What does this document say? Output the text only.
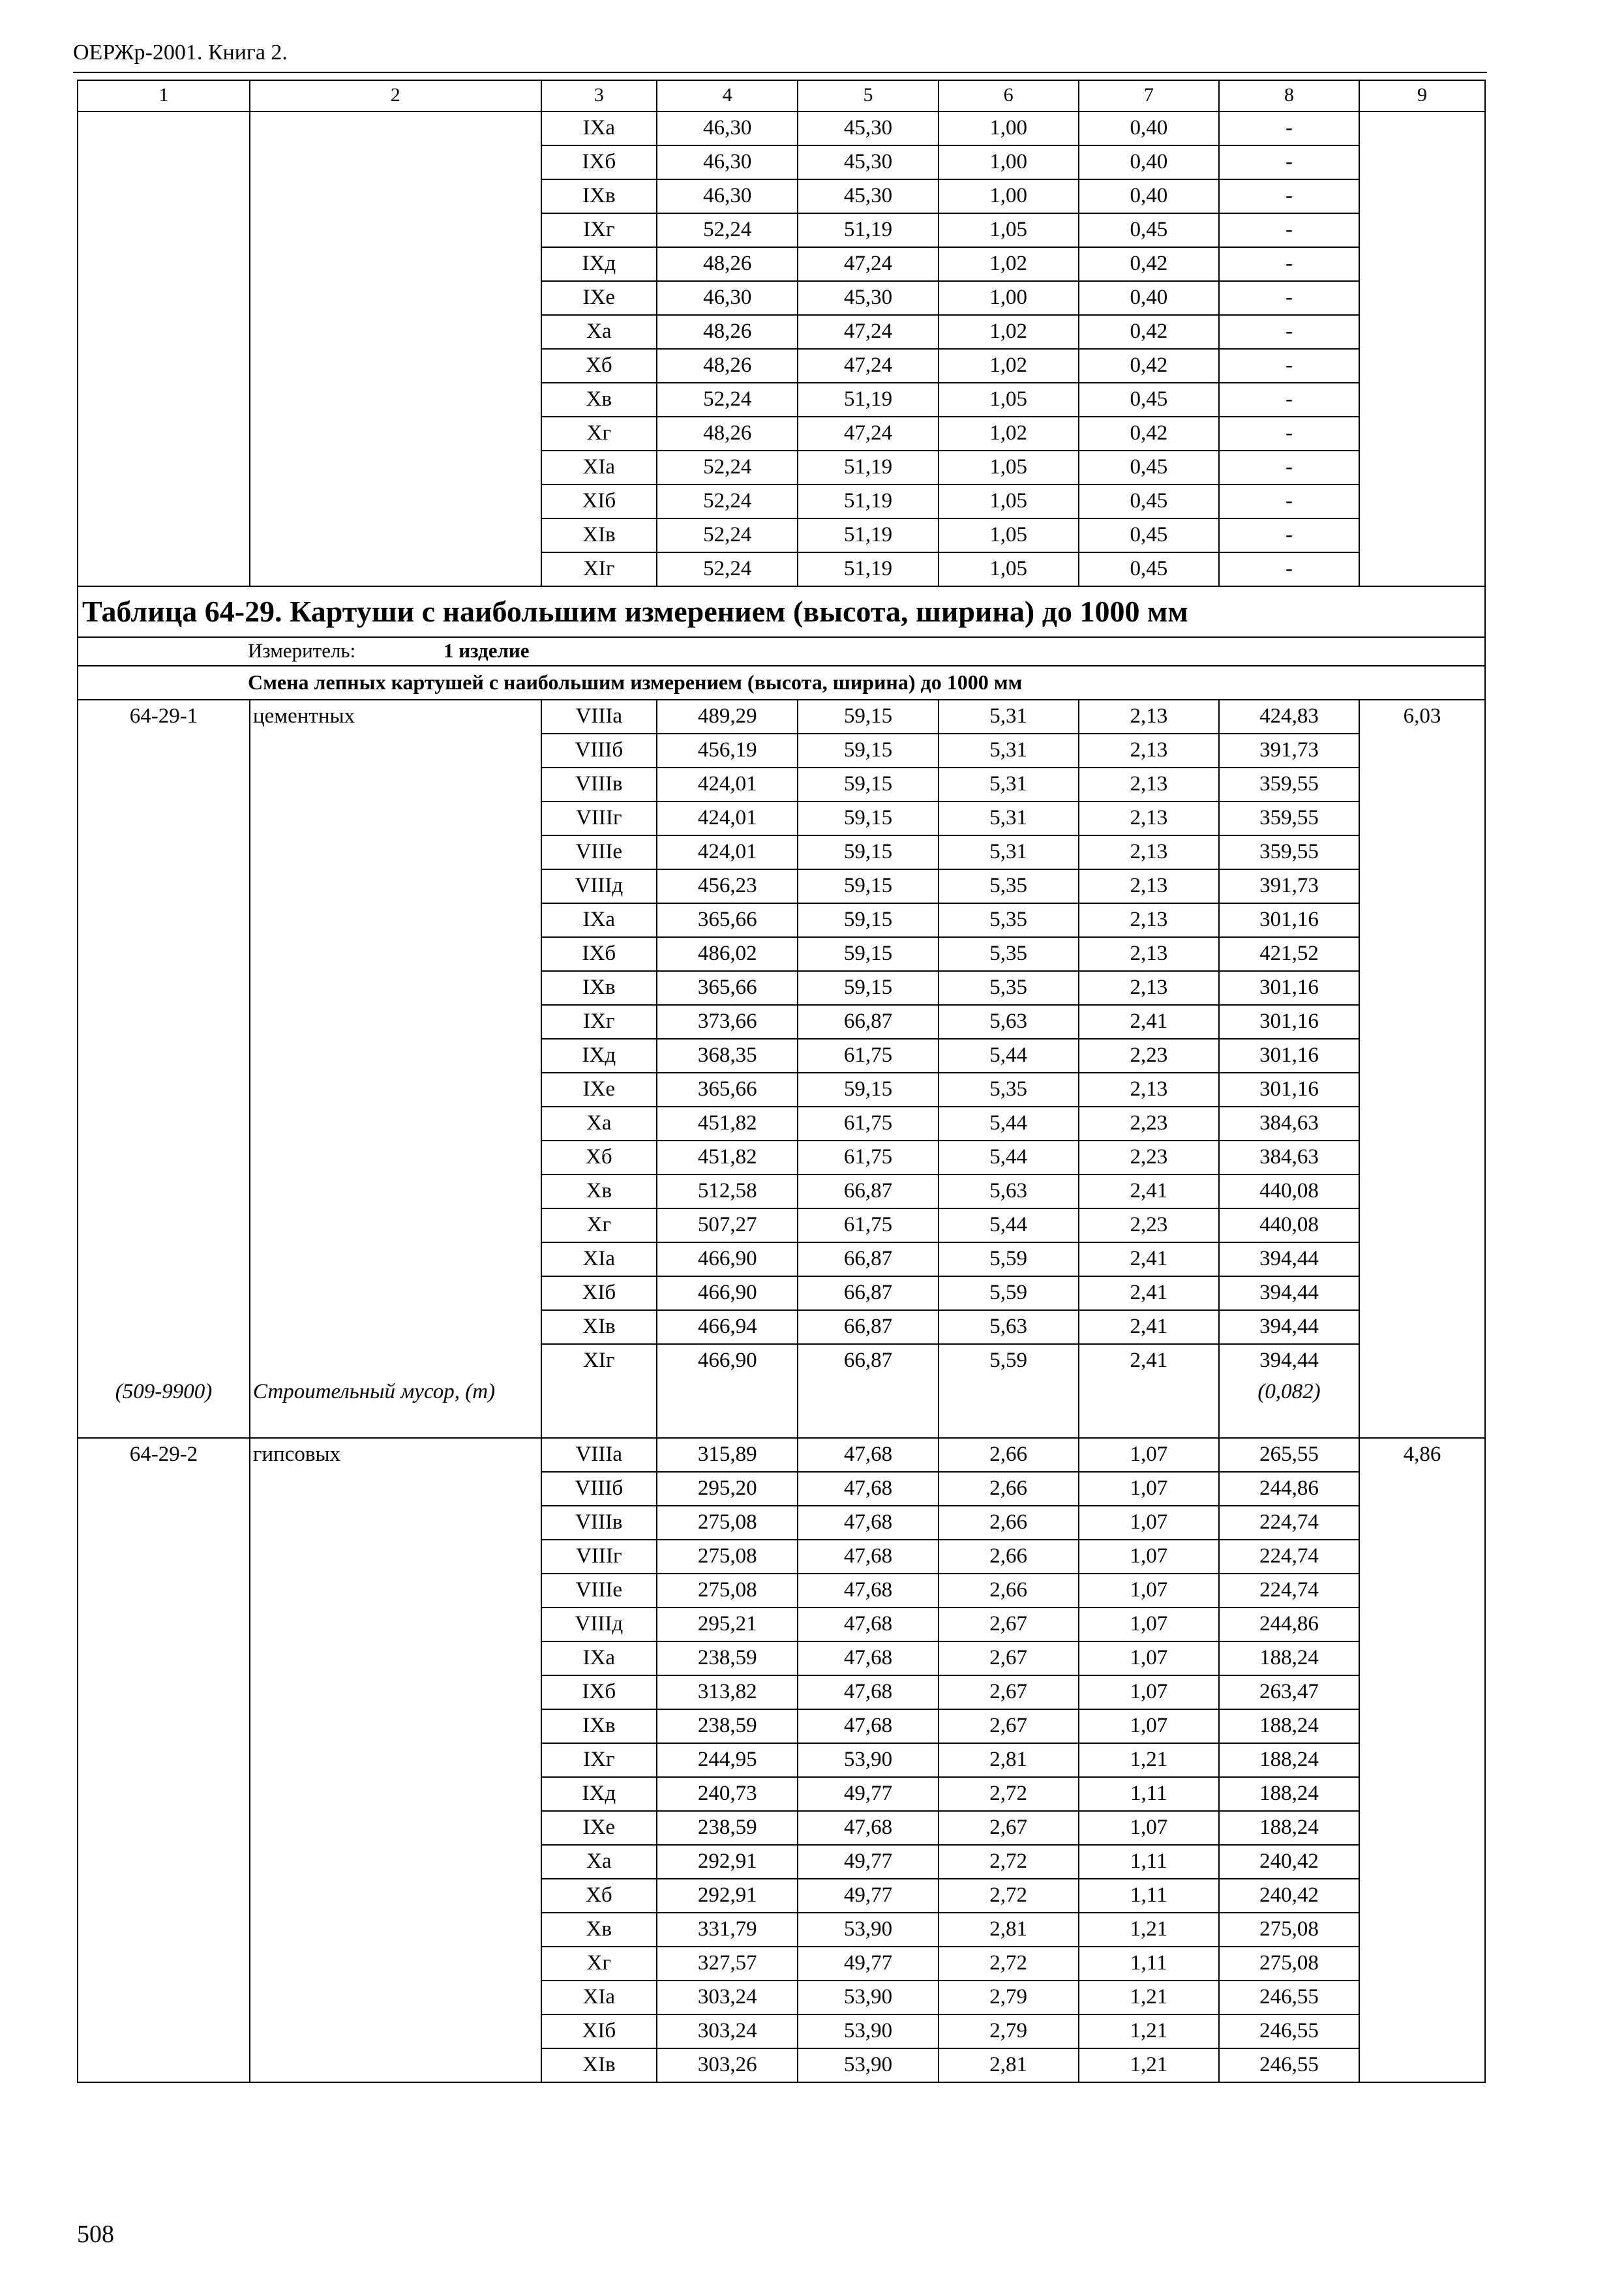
ОЕРЖр-2001. Книга 2.
1	2	3	4	5	6	7	8	9
		IXа	46,30	45,30	1,00	0,40	-	
		IXб	46,30	45,30	1,00	0,40	-	
		IXв	46,30	45,30	1,00	0,40	-	
		IXг	52,24	51,19	1,05	0,45	-	
		IXд	48,26	47,24	1,02	0,42	-	
		IXе	46,30	45,30	1,00	0,40	-	
		Xа	48,26	47,24	1,02	0,42	-	
		Xб	48,26	47,24	1,02	0,42	-	
		Xв	52,24	51,19	1,05	0,45	-	
		Xг	48,26	47,24	1,02	0,42	-	
		XIа	52,24	51,19	1,05	0,45	-	
		XIб	52,24	51,19	1,05	0,45	-	
		XIв	52,24	51,19	1,05	0,45	-	
		XIг	52,24	51,19	1,05	0,45	-	
Таблица 64-29. Картуши с наибольшим измерением (высота, ширина) до 1000 мм								
Измеритель: 1 изделие								
Смена лепных картушей с наибольшим измерением (высота, ширина) до 1000 мм								
64-29-1	цементных	VIIIа	489,29	59,15	5,31	2,13	424,83	6,03
		VIIIб	456,19	59,15	5,31	2,13	391,73	
		VIIIв	424,01	59,15	5,31	2,13	359,55	
		VIIIг	424,01	59,15	5,31	2,13	359,55	
		VIIIе	424,01	59,15	5,31	2,13	359,55	
		VIIIд	456,23	59,15	5,35	2,13	391,73	
		IXа	365,66	59,15	5,35	2,13	301,16	
		IXб	486,02	59,15	5,35	2,13	421,52	
		IXв	365,66	59,15	5,35	2,13	301,16	
		IXг	373,66	66,87	5,63	2,41	301,16	
		IXд	368,35	61,75	5,44	2,23	301,16	
		IXе	365,66	59,15	5,35	2,13	301,16	
		Xа	451,82	61,75	5,44	2,23	384,63	
		Xб	451,82	61,75	5,44	2,23	384,63	
		Xв	512,58	66,87	5,63	2,41	440,08	
		Xг	507,27	61,75	5,44	2,23	440,08	
		XIа	466,90	66,87	5,59	2,41	394,44	
		XIб	466,90	66,87	5,59	2,41	394,44	
		XIв	466,94	66,87	5,63	2,41	394,44	
		XIг	466,90	66,87	5,59	2,41	394,44	
(509-9900)	Строительный мусор, (т)						(0,082)	
64-29-2	гипсовых	VIIIа	315,89	47,68	2,66	1,07	265,55	4,86
		VIIIб	295,20	47,68	2,66	1,07	244,86	
		VIIIв	275,08	47,68	2,66	1,07	224,74	
		VIIIг	275,08	47,68	2,66	1,07	224,74	
		VIIIе	275,08	47,68	2,66	1,07	224,74	
		VIIIд	295,21	47,68	2,67	1,07	244,86	
		IXа	238,59	47,68	2,67	1,07	188,24	
		IXб	313,82	47,68	2,67	1,07	263,47	
		IXв	238,59	47,68	2,67	1,07	188,24	
		IXг	244,95	53,90	2,81	1,21	188,24	
		IXд	240,73	49,77	2,72	1,11	188,24	
		IXе	238,59	47,68	2,67	1,07	188,24	
		Xа	292,91	49,77	2,72	1,11	240,42	
		Xб	292,91	49,77	2,72	1,11	240,42	
		Xв	331,79	53,90	2,81	1,21	275,08	
		Xг	327,57	49,77	2,72	1,11	275,08	
		XIа	303,24	53,90	2,79	1,21	246,55	
		XIб	303,24	53,90	2,79	1,21	246,55	
		XIв	303,26	53,90	2,81	1,21	246,55	
508
